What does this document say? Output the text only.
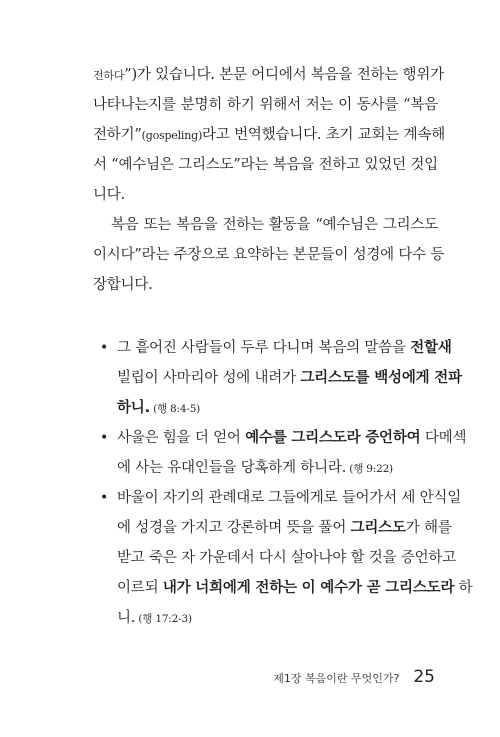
전하다”)가 있습니다. 본문 어디에서 복음을 전하는 행위가
나타나는지를 분명히 하기 위해서 저는 이 동사를 “복음
전하기”(gospeling)라고 번역했습니다. 초기 교회는 계속해
서 “예수님은 그리스도”라는 복음을 전하고 있었던 것입
니다.
복음 또는 복음을 전하는 활동을 “예수님은 그리스도
이시다”라는 주장으로 요약하는 본문들이 성경에 다수 등
장합니다.
• 그 흩어진 사람들이 두루 다니며 복음의 말씀을 전할새
빌립이 사마리아 성에 내려가 그리스도를 백성에게 전파
하니. (행 8:4-5)
• 사울은 힘을 더 얻어 예수를 그리스도라 증언하여 다메섹
에 사는 유대인들을 당혹하게 하니라. (행 9:22)
• 바울이 자기의 관례대로 그들에게로 들어가서 세 안식일
에 성경을 가지고 강론하며 뜻을 풀어 그리스도가 해를
받고 죽은 자 가운데서 다시 살아나야 할 것을 증언하고
이르되 내가 너희에게 전하는 이 예수가 곧 그리스도라 하
니. (행 17:2-3)
제1장 복음이란 무엇인가? 25
